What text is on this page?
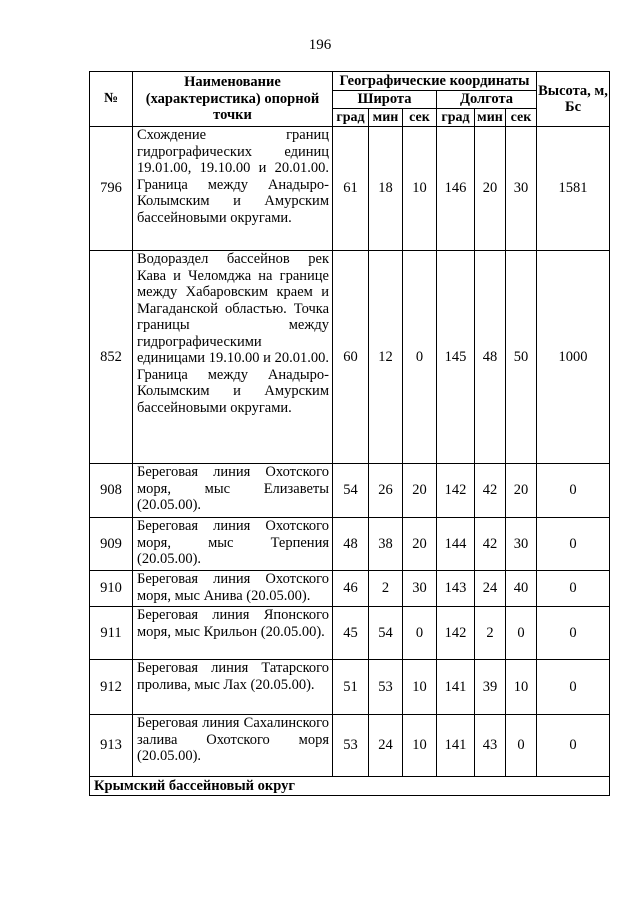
196
№	Наименование (характеристика) опорной точки	Географические координаты						Высота, м, Бс
		Широта			Долгота			
		град	мин	сек	град	мин	сек	
796	Схождение границ гидрографических единиц 19.01.00, 19.10.00 и 20.01.00. Граница между Анадыро-Колымским и Амурским бассейновыми округами.	61	18	10	146	20	30	1581
852	Водораздел бассейнов рек Кава и Челомджа на границе между Хабаровским краем и Магаданской областью. Точка границы между гидрографическими единицами 19.10.00 и 20.01.00. Граница между Анадыро-Колымским и Амурским бассейновыми округами.	60	12	0	145	48	50	1000
908	Береговая линия Охотского моря, мыс Елизаветы (20.05.00).	54	26	20	142	42	20	0
909	Береговая линия Охотского моря, мыс Терпения (20.05.00).	48	38	20	144	42	30	0
910	Береговая линия Охотского моря, мыс Анива (20.05.00).	46	2	30	143	24	40	0
911	Береговая линия Японского моря, мыс Крильон (20.05.00).	45	54	0	142	2	0	0
912	Береговая линия Татарского пролива, мыс Лах (20.05.00).	51	53	10	141	39	10	0
913	Береговая линия Сахалинского залива Охотского моря (20.05.00).	53	24	10	141	43	0	0
Крымский бассейновый округ								
